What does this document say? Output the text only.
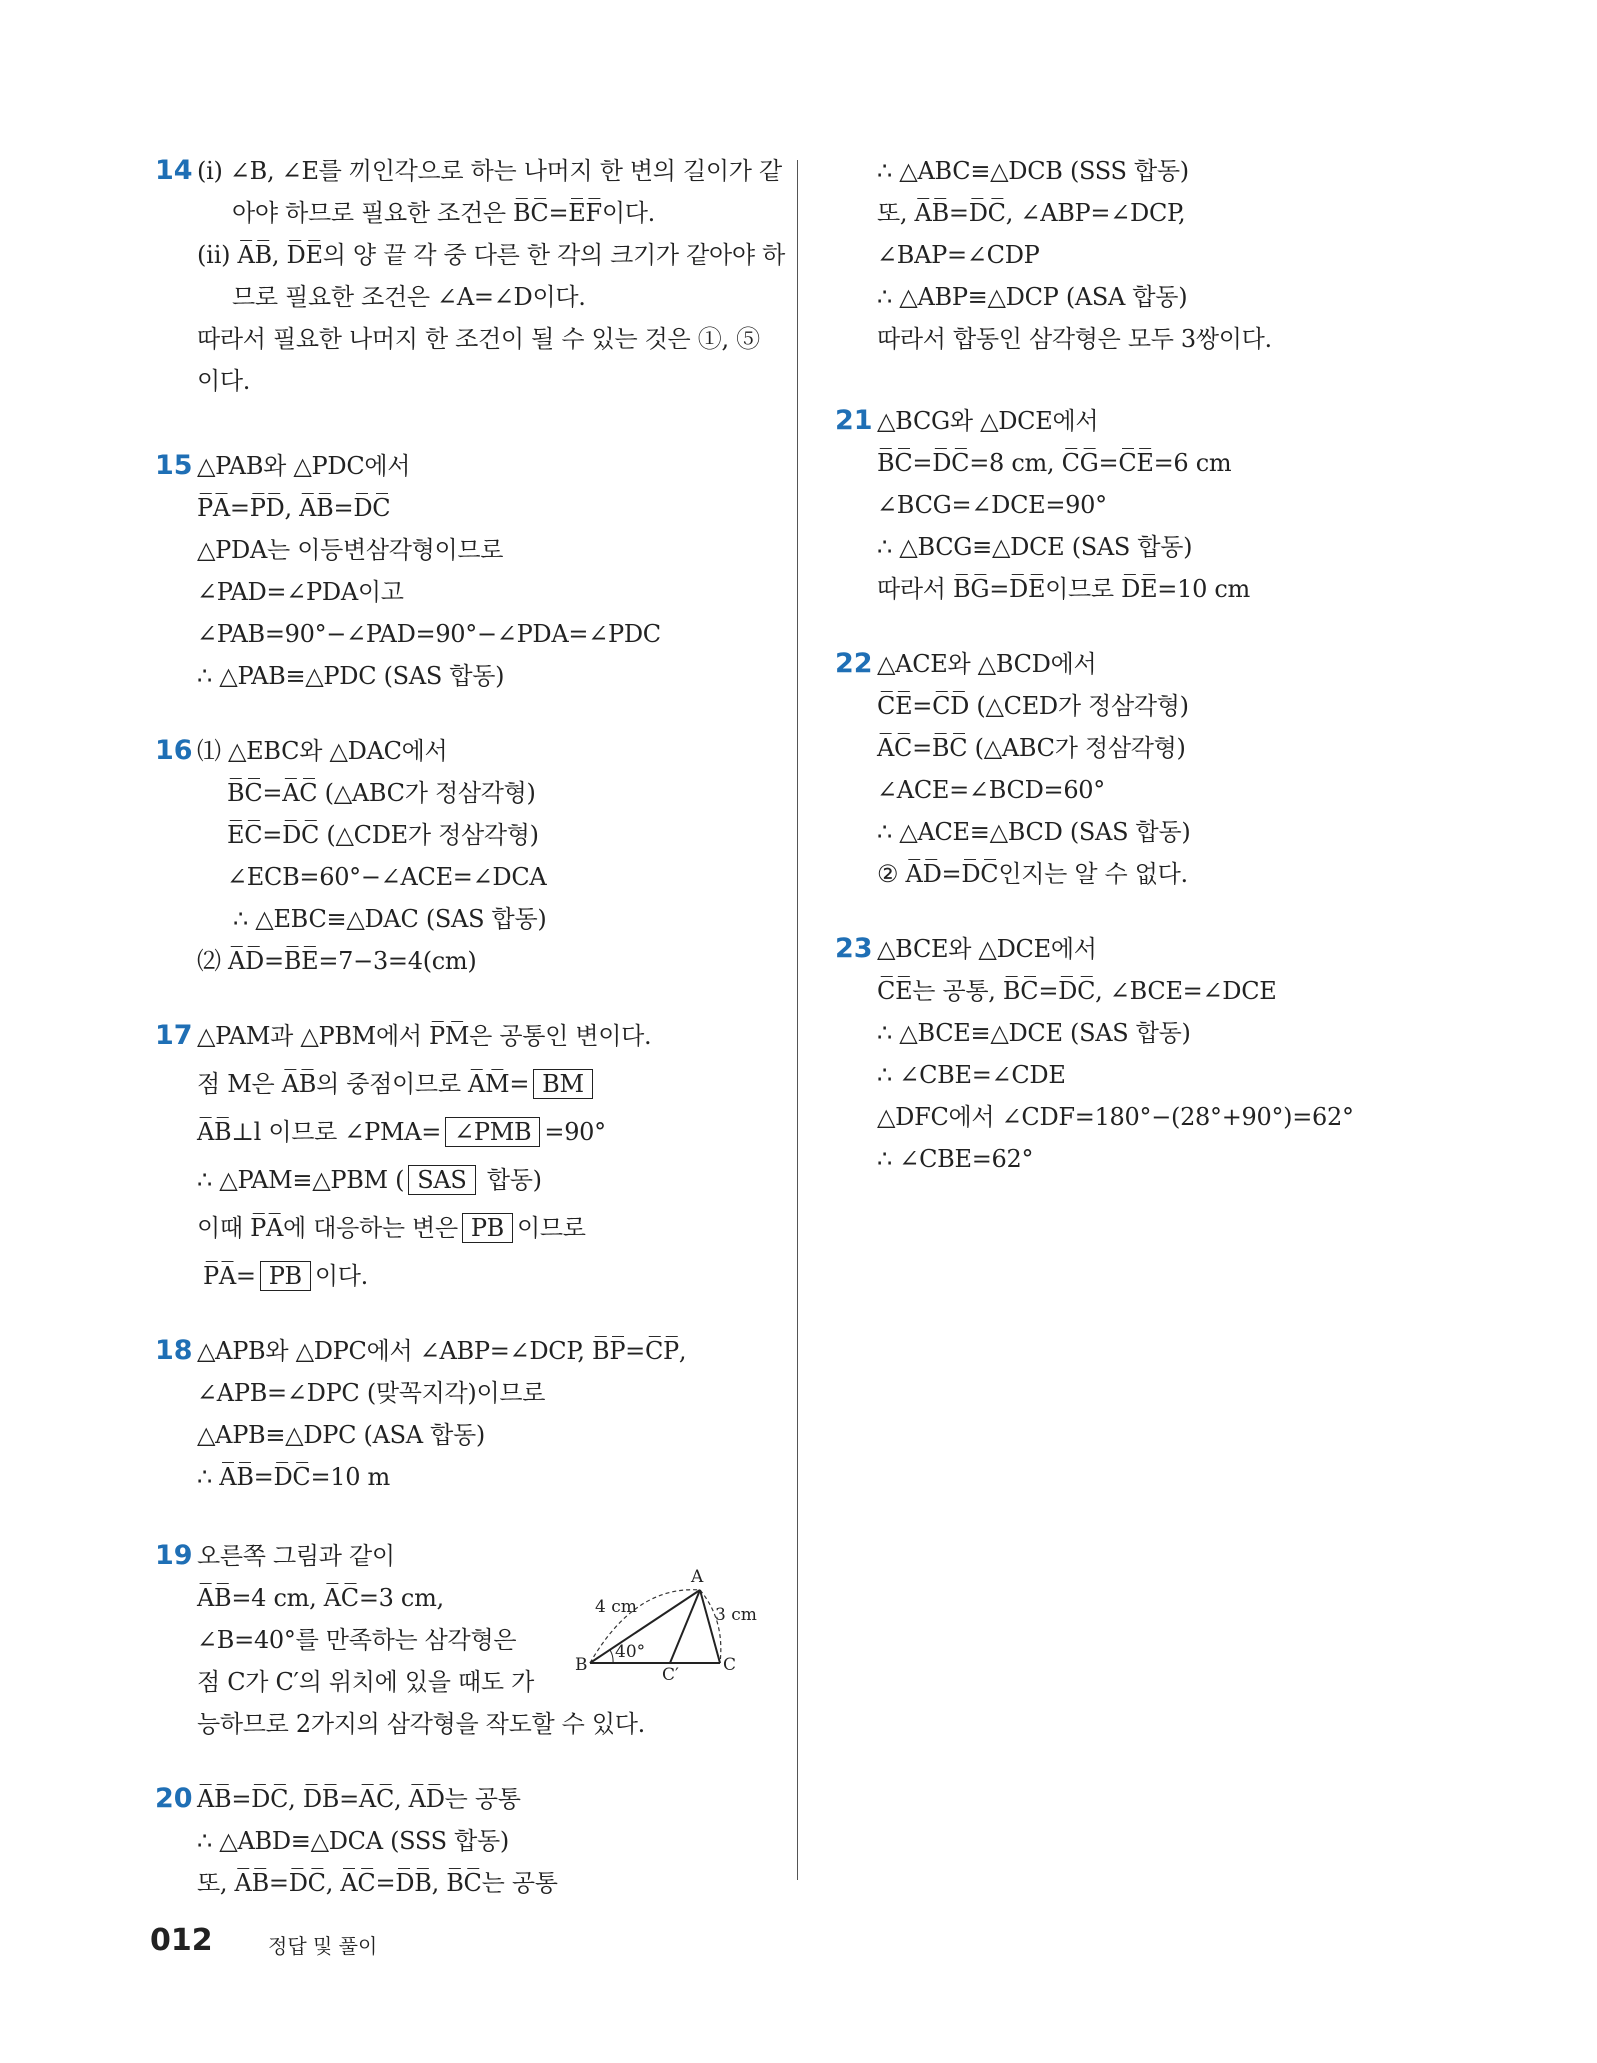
14 (ⅰ) ∠B, ∠E를 끼인각으로 하는 나머지 한 변의 길이가 같
아야 하므로 필요한 조건은 B̅C̅=E̅F̅이다.
(ⅱ) A̅B̅, D̅E̅의 양 끝 각 중 다른 한 각의 크기가 같아야 하
므로 필요한 조건은 ∠A=∠D이다.
따라서 필요한 나머지 한 조건이 될 수 있는 것은 ①, ⑤
이다.
15 △PAB와 △PDC에서
P̅A̅=P̅D̅, A̅B̅=D̅C̅
△PDA는 이등변삼각형이므로
∠PAD=∠PDA이고
∠PAB=90°−∠PAD=90°−∠PDA=∠PDC
∴ △PAB≡△PDC (SAS 합동)
16 ⑴ △EBC와 △DAC에서
B̅C̅=A̅C̅ (△ABC가 정삼각형)
E̅C̅=D̅C̅ (△CDE가 정삼각형)
∠ECB=60°−∠ACE=∠DCA
∴ △EBC≡△DAC (SAS 합동)
⑵ A̅D̅=B̅E̅=7−3=4(cm)
17 △PAM과 △PBM에서 P̅M̅은 공통인 변이다.
점 M은 A̅B̅의 중점이므로 A̅M̅= B̅M̅
A̅B̅⊥l 이므로 ∠PMA= ∠PMB =90°
∴ △PAM≡△PBM ( SAS 합동)
이때 P̅A̅에 대응하는 변은 P̅B̅ 이므로
P̅A̅= P̅B̅ 이다.
18 △APB와 △DPC에서 ∠ABP=∠DCP, B̅P̅=C̅P̅,
∠APB=∠DPC (맞꼭지각)이므로
△APB≡△DPC (ASA 합동)
∴ A̅B̅=D̅C̅=10 m
19 오른쪽 그림과 같이
A̅B̅=4 cm, A̅C̅=3 cm,
∠B=40°를 만족하는 삼각형은
점 C가 C′의 위치에 있을 때도 가
능하므로 2가지의 삼각형을 작도할 수 있다.
20 A̅B̅=D̅C̅, D̅B̅=A̅C̅, A̅D̅는 공통
∴ △ABD≡△DCA (SSS 합동)
또, A̅B̅=D̅C̅, A̅C̅=D̅B̅, B̅C̅는 공통
∴ △ABC≡△DCB (SSS 합동)
또, A̅B̅=D̅C̅, ∠ABP=∠DCP,
∠BAP=∠CDP
∴ △ABP≡△DCP (ASA 합동)
따라서 합동인 삼각형은 모두 3쌍이다.
21 △BCG와 △DCE에서
B̅C̅=D̅C̅=8 cm, C̅G̅=C̅E̅=6 cm
∠BCG=∠DCE=90°
∴ △BCG≡△DCE (SAS 합동)
따라서 B̅G̅=D̅E̅이므로 D̅E̅=10 cm
22 △ACE와 △BCD에서
C̅E̅=C̅D̅ (△CED가 정삼각형)
A̅C̅=B̅C̅ (△ABC가 정삼각형)
∠ACE=∠BCD=60°
∴ △ACE≡△BCD (SAS 합동)
② A̅D̅=D̅C̅인지는 알 수 없다.
23 △BCE와 △DCE에서
C̅E̅는 공통, B̅C̅=D̅C̅, ∠BCE=∠DCE
∴ △BCE≡△DCE (SAS 합동)
∴ ∠CBE=∠CDE
△DFC에서 ∠CDF=180°−(28°+90°)=62°
∴ ∠CBE=62°
A
B	C
C′
4 cm	3 cm
40°
012	정답 및 풀이
